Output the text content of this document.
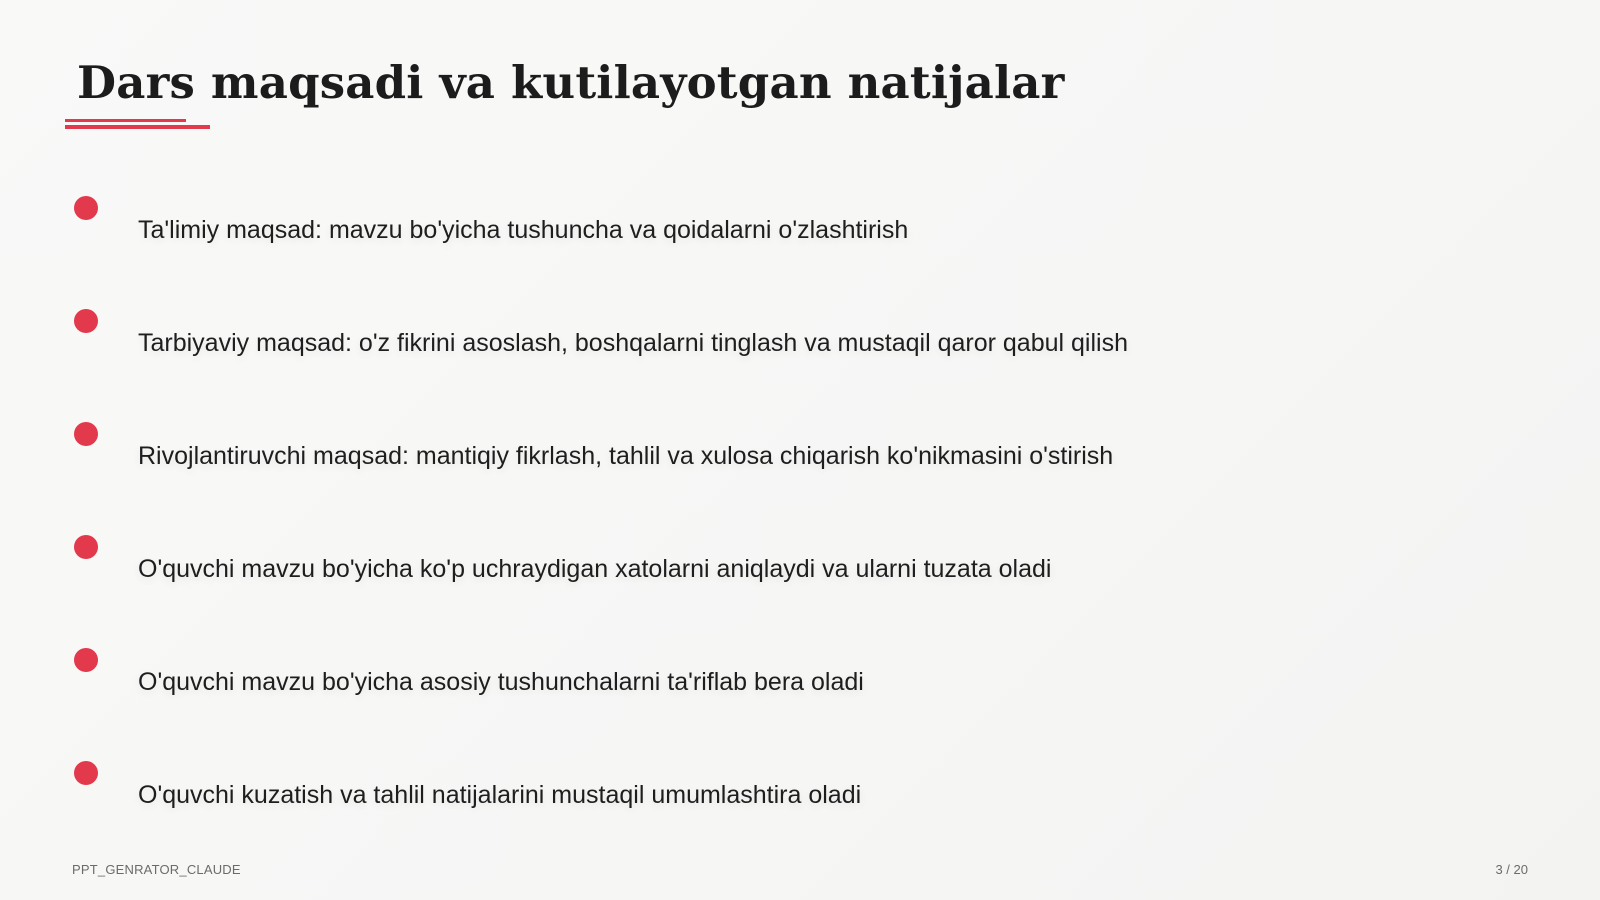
Dars maqsadi va kutilayotgan natijalar
Ta'limiy maqsad: mavzu bo'yicha tushuncha va qoidalarni o'zlashtirish
Tarbiyaviy maqsad: o'z fikrini asoslash, boshqalarni tinglash va mustaqil qaror qabul qilish
Rivojlantiruvchi maqsad: mantiqiy fikrlash, tahlil va xulosa chiqarish ko'nikmasini o'stirish
O'quvchi mavzu bo'yicha ko'p uchraydigan xatolarni aniqlaydi va ularni tuzata oladi
O'quvchi mavzu bo'yicha asosiy tushunchalarni ta'riflab bera oladi
O'quvchi kuzatish va tahlil natijalarini mustaqil umumlashtira oladi
PPT_GENRATOR_CLAUDE	3 / 20
